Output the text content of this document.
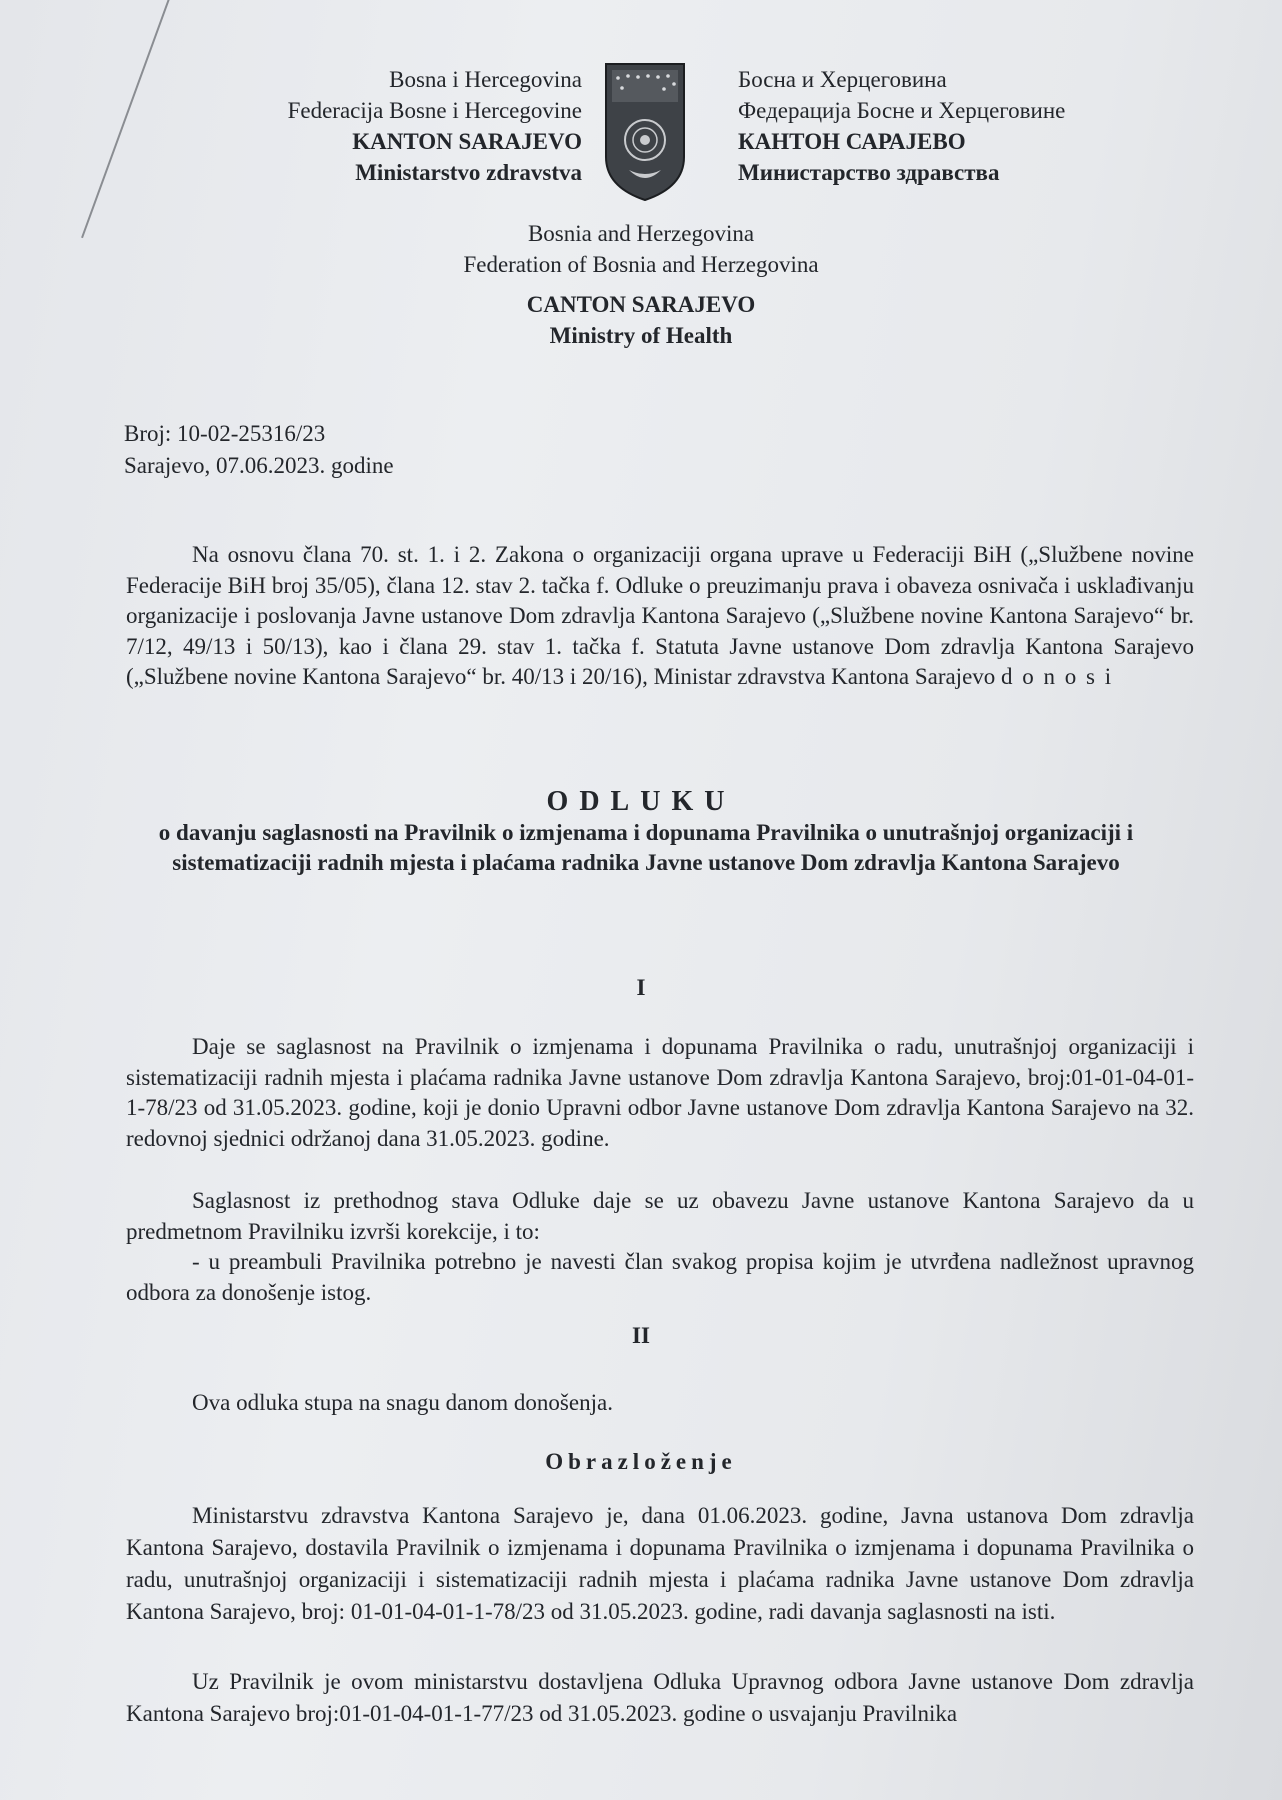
Bosna i Hercegovina
Federacija Bosne i Hercegovine
KANTON SARAJEVO
Ministarstvo zdravstva
Босна и Херцеговина
Федерација Босне и Херцеговине
КАНТОН САРАЈЕВО
Министарство здравства
Bosnia and Herzegovina
Federation of Bosnia and Herzegovina
CANTON SARAJEVO
Ministry of Health
Broj: 10-02-25316/23
Sarajevo, 07.06.2023. godine
Na osnovu člana 70. st. 1. i 2. Zakona o organizaciji organa uprave u Federaciji BiH („Službene novine Federacije BiH broj 35/05), člana 12. stav 2. tačka f. Odluke o preuzimanju prava i obaveza osnivača i usklađivanju organizacije i poslovanja Javne ustanove Dom zdravlja Kantona Sarajevo („Službene novine Kantona Sarajevo“ br. 7/12, 49/13 i 50/13), kao i člana 29. stav 1. tačka f. Statuta Javne ustanove Dom zdravlja Kantona Sarajevo („Službene novine Kantona Sarajevo“ br. 40/13 i 20/16), Ministar zdravstva Kantona Sarajevo d o n o s i
ODLUKU
o davanju saglasnosti na Pravilnik o izmjenama i dopunama Pravilnika o unutrašnjoj organizaciji i sistematizaciji radnih mjesta i plaćama radnika Javne ustanove Dom zdravlja Kantona Sarajevo
I
Daje se saglasnost na Pravilnik o izmjenama i dopunama Pravilnika o radu, unutrašnjoj organizaciji i sistematizaciji radnih mjesta i plaćama radnika Javne ustanove Dom zdravlja Kantona Sarajevo, broj:01-01-04-01-1-78/23 od 31.05.2023. godine, koji je donio Upravni odbor Javne ustanove Dom zdravlja Kantona Sarajevo na 32. redovnoj sjednici održanoj dana 31.05.2023. godine.
Saglasnost iz prethodnog stava Odluke daje se uz obavezu Javne ustanove Kantona Sarajevo da u predmetnom Pravilniku izvrši korekcije, i to:
- u preambuli Pravilnika potrebno je navesti član svakog propisa kojim je utvrđena nadležnost upravnog odbora za donošenje istog.
II
Ova odluka stupa na snagu danom donošenja.
Obrazloženje
Ministarstvu zdravstva Kantona Sarajevo je, dana 01.06.2023. godine, Javna ustanova Dom zdravlja Kantona Sarajevo, dostavila Pravilnik o izmjenama i dopunama Pravilnika o izmjenama i dopunama Pravilnika o radu, unutrašnjoj organizaciji i sistematizaciji radnih mjesta i plaćama radnika Javne ustanove Dom zdravlja Kantona Sarajevo, broj: 01-01-04-01-1-78/23 od 31.05.2023. godine, radi davanja saglasnosti na isti.
Uz Pravilnik je ovom ministarstvu dostavljena Odluka Upravnog odbora Javne ustanove Dom zdravlja Kantona Sarajevo broj:01-01-04-01-1-77/23 od 31.05.2023. godine o usvajanju Pravilnika
